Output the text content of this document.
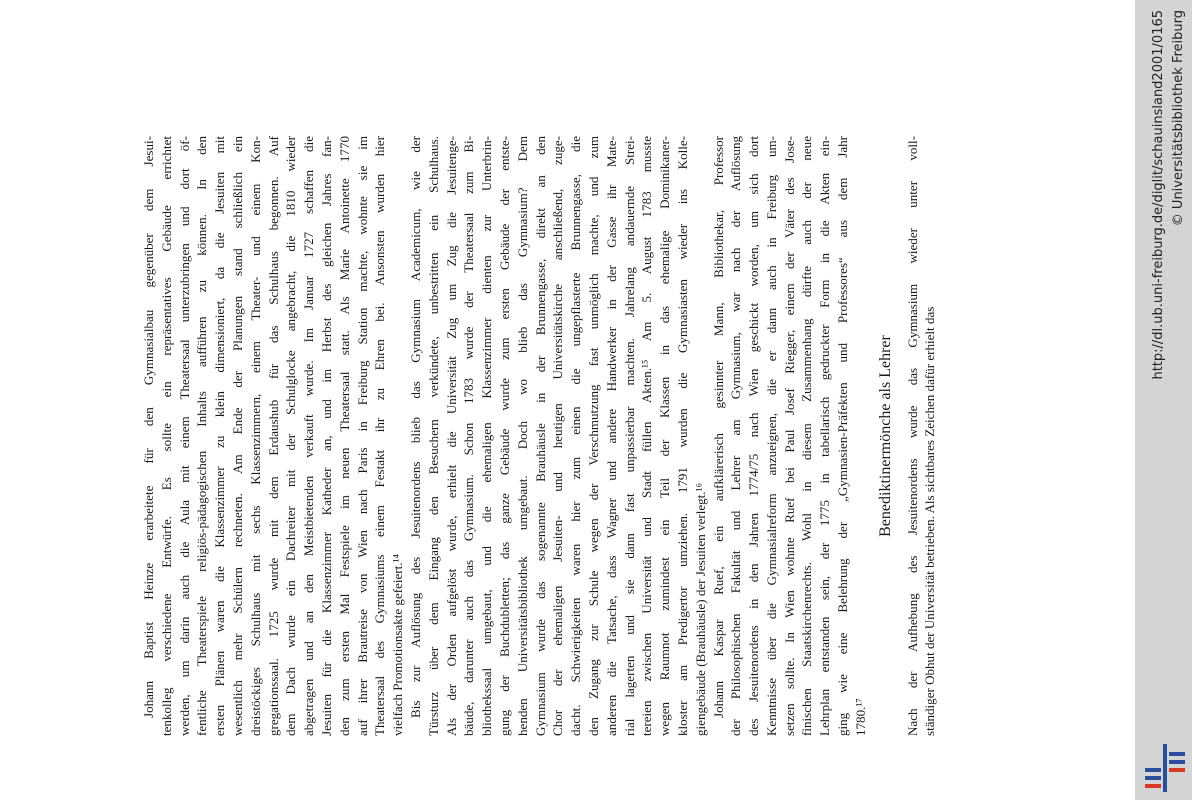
Johann Baptist Heinze erarbeitete für den Gymnasialbau gegenüber dem Jesui- tenkolleg verschiedene Entwürfe. Es sollte ein repräsentatives Gebäude errichtet werden, um darin auch die Aula mit einem Theatersaal unterzubringen und dort öf- fentliche Theaterspiele religiös-pädagogischen Inhalts aufführen zu können. In den ersten Plänen waren die Klassenzimmer zu klein dimensioniert, da die Jesuiten mit wesentlich mehr Schülern rechneten. Am Ende der Planungen stand schließlich ein dreistöckiges Schulhaus mit sechs Klassenzimmern, einem Theater- und einem Kon- gregationssaal. 1725 wurde mit dem Erdaushub für das Schulhaus begonnen. Auf dem Dach wurde ein Dachreiter mit der Schulglocke angebracht, die 1810 wieder abgetragen und an den Meistbietenden verkauft wurde. Im Januar 1727 schaffen die Jesuiten für die Klassenzimmer Katheder an, und im Herbst des gleichen Jahres fan- den zum ersten Mal Festspiele im neuen Theatersaal statt. Als Marie Antoinette 1770 auf ihrer Brautreise von Wien nach Paris in Freiburg Station machte, wohnte sie im Theatersaal des Gymnasiums einem Festakt ihr zu Ehren bei. Ansonsten wurden hier vielfach Promotionsakte gefeiert.¹⁴ Bis zur Auflösung des Jesuitenordens blieb das Gymnasium Academicum, wie der Türsturz über dem Eingang den Besuchern verkündete, unbestritten ein Schulhaus. Als der Orden aufgelöst wurde, erhielt die Universität Zug um Zug die Jesuitenge- bäude, darunter auch das Gymnasium. Schon 1783 wurde der Theatersaal zum Bi- bliothekssaal umgebaut, und die ehemaligen Klassenzimmer dienten zur Unterbrin- gung der Buchdubletten; das ganze Gebäude wurde zum ersten Gebäude der entste- henden Universitätsbibliothek umgebaut. Doch wo blieb das Gymnasium? Dem Gymnasium wurde das sogenannte Brauhäusle in der Brunnengasse, direkt an den Chor der ehemaligen Jesuiten- und heutigen Universitätskirche anschließend, zuge- dacht. Schwierigkeiten waren hier zum einen die ungepflasterte Brunnengasse, die den Zugang zur Schule wegen der Verschmutzung fast unmöglich machte, und zum anderen die Tatsache, dass Wagner und andere Handwerker in der Gasse ihr Mate- rial lagerten und sie dann fast unpassierbar machten. Jahrelang andauernde Strei- tereien zwischen Universität und Stadt füllen Akten.¹⁵ Am 5. August 1783 musste wegen Raumnot zumindest ein Teil der Klassen in das ehemalige Dominikaner- kloster am Predigertor umziehen. 1791 wurden die Gymnasiasten wieder ins Kolle- giengebäude (Brauhäusle) der Jesuiten verlegt.¹⁶ Johann Kaspar Ruef, ein aufklärerisch gesinnter Mann, Bibliothekar, Professor der Philosophischen Fakultät und Lehrer am Gymnasium, war nach der Auflösung des Jesuitenordens in den Jahren 1774/75 nach Wien geschickt worden, um sich dort Kenntnisse über die Gymnasialreform anzueignen, die er dann auch in Freiburg um- setzen sollte. In Wien wohnte Ruef bei Paul Josef Riegger, einem der Väter des Jose- finischen Staatskirchenrechts. Wohl in diesem Zusammenhang dürfte auch der neue Lehrplan entstanden sein, der 1775 in tabellarisch gedruckter Form in die Akten ein- ging wie eine Belehrung der „Gymnasien-Präfekten und Professores“ aus dem Jahr 1780.¹⁷
Benediktinermönche als Lehrer Nach der Aufhebung des Jesuitenordens wurde das Gymnasium wieder unter voll- ständiger Obhut der Universität betrieben. Als sichtbares Zeichen dafür erhielt das
http://dl.ub.uni-freiburg.de/diglit/schauinsland2001/0165 © Universitätsbibliothek Freiburg
